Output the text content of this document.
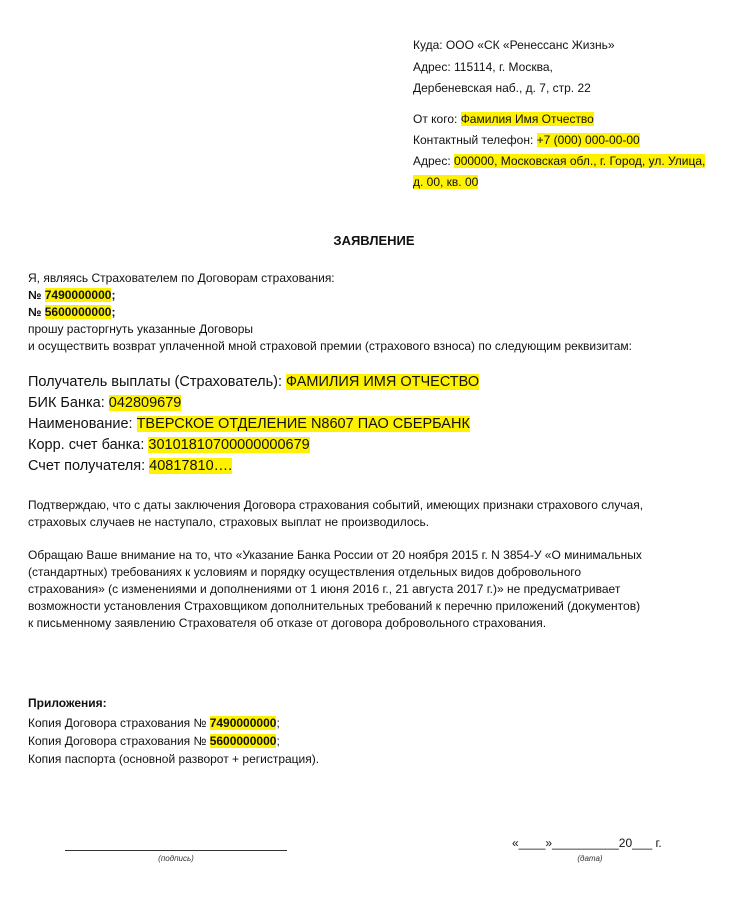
Куда: ООО «СК «Ренессанс Жизнь»
Адрес: 115114, г. Москва,
Дербеневская наб., д. 7, стр. 22
От кого: Фамилия Имя Отчество
Контактный телефон: +7 (000) 000-00-00
Адрес: 000000, Московская обл., г. Город, ул. Улица,
д. 00, кв. 00
ЗАЯВЛЕНИЕ
Я, являясь Страхователем по Договорам страхования:
№ 7490000000;
№ 5600000000;
прошу расторгнуть указанные Договоры
и осуществить возврат уплаченной мной страховой премии (страхового взноса) по следующим реквизитам:
Получатель выплаты (Страхователь): ФАМИЛИЯ ИМЯ ОТЧЕСТВО
БИК Банка: 042809679
Наименование: ТВЕРСКОЕ ОТДЕЛЕНИЕ N8607 ПАО СБЕРБАНК
Корр. счет банка: 30101810700000000679
Счет получателя: 40817810….
Подтверждаю, что с даты заключения Договора страхования событий, имеющих признаки страхового случая,
страховых случаев не наступало, страховых выплат не производилось.
Обращаю Ваше внимание на то, что «Указание Банка России от 20 ноября 2015 г. N 3854-У «О минимальных
(стандартных) требованиях к условиям и порядку осуществления отдельных видов добровольного
страхования» (с изменениями и дополнениями от 1 июня 2016 г., 21 августа 2017 г.)» не предусматривает
возможности установления Страховщиком дополнительных требований к перечню приложений (документов)
к письменному заявлению Страхователя об отказе от договора добровольного страхования.
Приложения:
Копия Договора страхования № 7490000000;
Копия Договора страхования № 5600000000;
Копия паспорта (основной разворот + регистрация).
(подпись)
«____»__________20___ г.
(дата)
